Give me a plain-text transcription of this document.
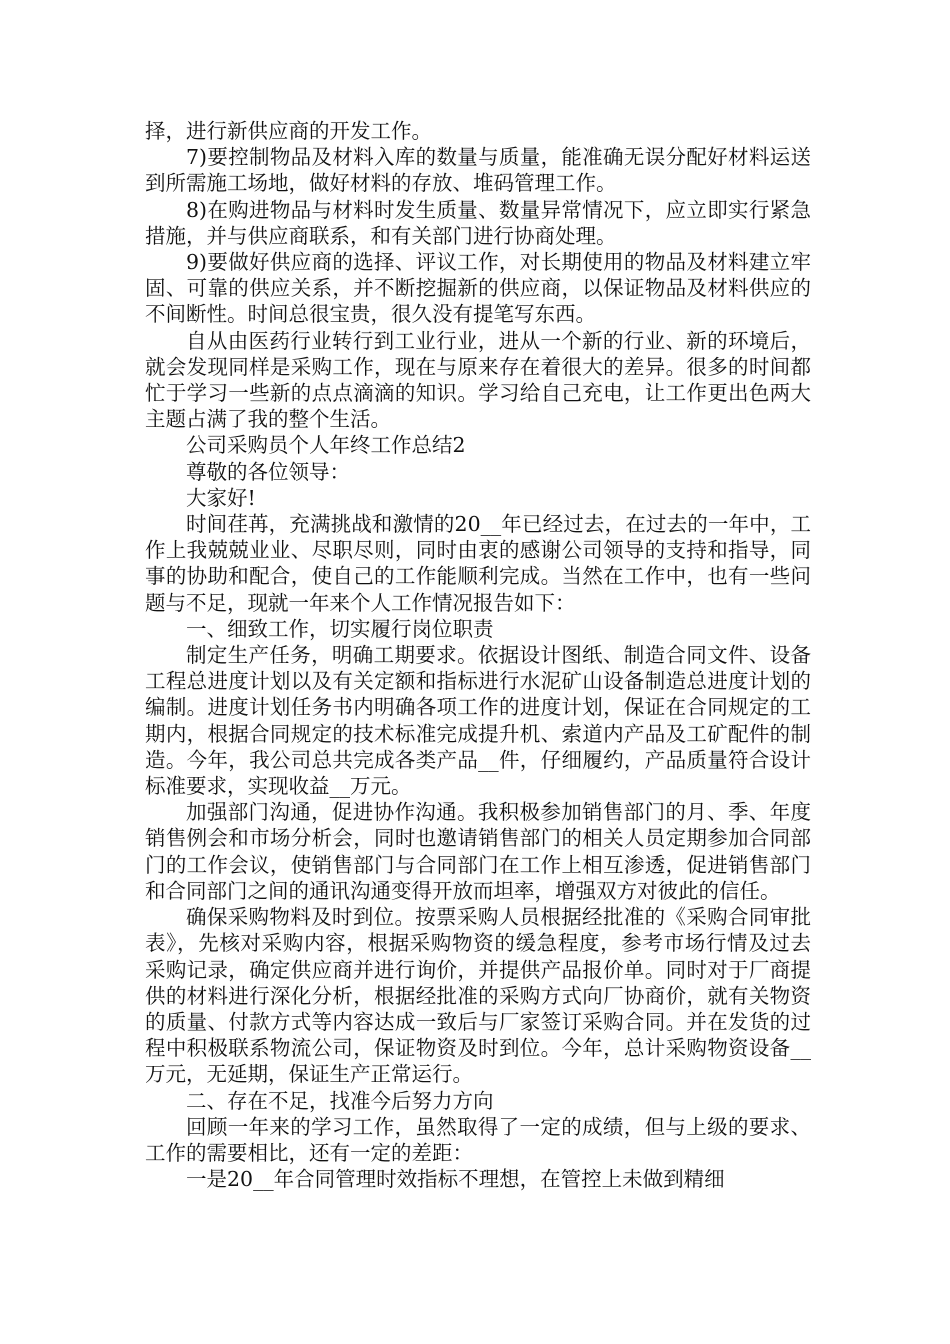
择，进行新供应商的开发工作。

7)要控制物品及材料入库的数量与质量，能准确无误分配好材料运送到所需施工场地，做好材料的存放、堆码管理工作。

8)在购进物品与材料时发生质量、数量异常情况下，应立即实行紧急措施，并与供应商联系，和有关部门进行协商处理。

9)要做好供应商的选择、评议工作，对长期使用的物品及材料建立牢固、可靠的供应关系，并不断挖掘新的供应商，以保证物品及材料供应的不间断性。时间总很宝贵，很久没有提笔写东西。

自从由医药行业转行到工业行业，进从一个新的行业、新的环境后，就会发现同样是采购工作，现在与原来存在着很大的差异。很多的时间都忙于学习一些新的点点滴滴的知识。学习给自己充电，让工作更出色两大主题占满了我的整个生活。

公司采购员个人年终工作总结2

尊敬的各位领导：

大家好!

时间荏苒，充满挑战和激情的20__年已经过去，在过去的一年中，工作上我兢兢业业、尽职尽则，同时由衷的感谢公司领导的支持和指导，同事的协助和配合，使自己的工作能顺利完成。当然在工作中，也有一些问题与不足，现就一年来个人工作情况报告如下：

一、细致工作，切实履行岗位职责

制定生产任务，明确工期要求。依据设计图纸、制造合同文件、设备工程总进度计划以及有关定额和指标进行水泥矿山设备制造总进度计划的编制。进度计划任务书内明确各项工作的进度计划，保证在合同规定的工期内，根据合同规定的技术标准完成提升机、索道内产品及工矿配件的制造。今年，我公司总共完成各类产品__件，仔细履约，产品质量符合设计标准要求，实现收益__万元。

加强部门沟通，促进协作沟通。我积极参加销售部门的月、季、年度销售例会和市场分析会，同时也邀请销售部门的相关人员定期参加合同部门的工作会议，使销售部门与合同部门在工作上相互渗透，促进销售部门和合同部门之间的通讯沟通变得开放而坦率，增强双方对彼此的信任。

确保采购物料及时到位。按票采购人员根据经批准的《采购合同审批表》，先核对采购内容，根据采购物资的缓急程度，参考市场行情及过去采购记录，确定供应商并进行询价，并提供产品报价单。同时对于厂商提供的材料进行深化分析，根据经批准的采购方式向厂协商价，就有关物资的质量、付款方式等内容达成一致后与厂家签订采购合同。并在发货的过程中积极联系物流公司，保证物资及时到位。今年，总计采购物资设备__万元，无延期，保证生产正常运行。

二、存在不足，找准今后努力方向

回顾一年来的学习工作，虽然取得了一定的成绩，但与上级的要求、工作的需要相比，还有一定的差距：

一是20__年合同管理时效指标不理想，在管控上未做到精细
